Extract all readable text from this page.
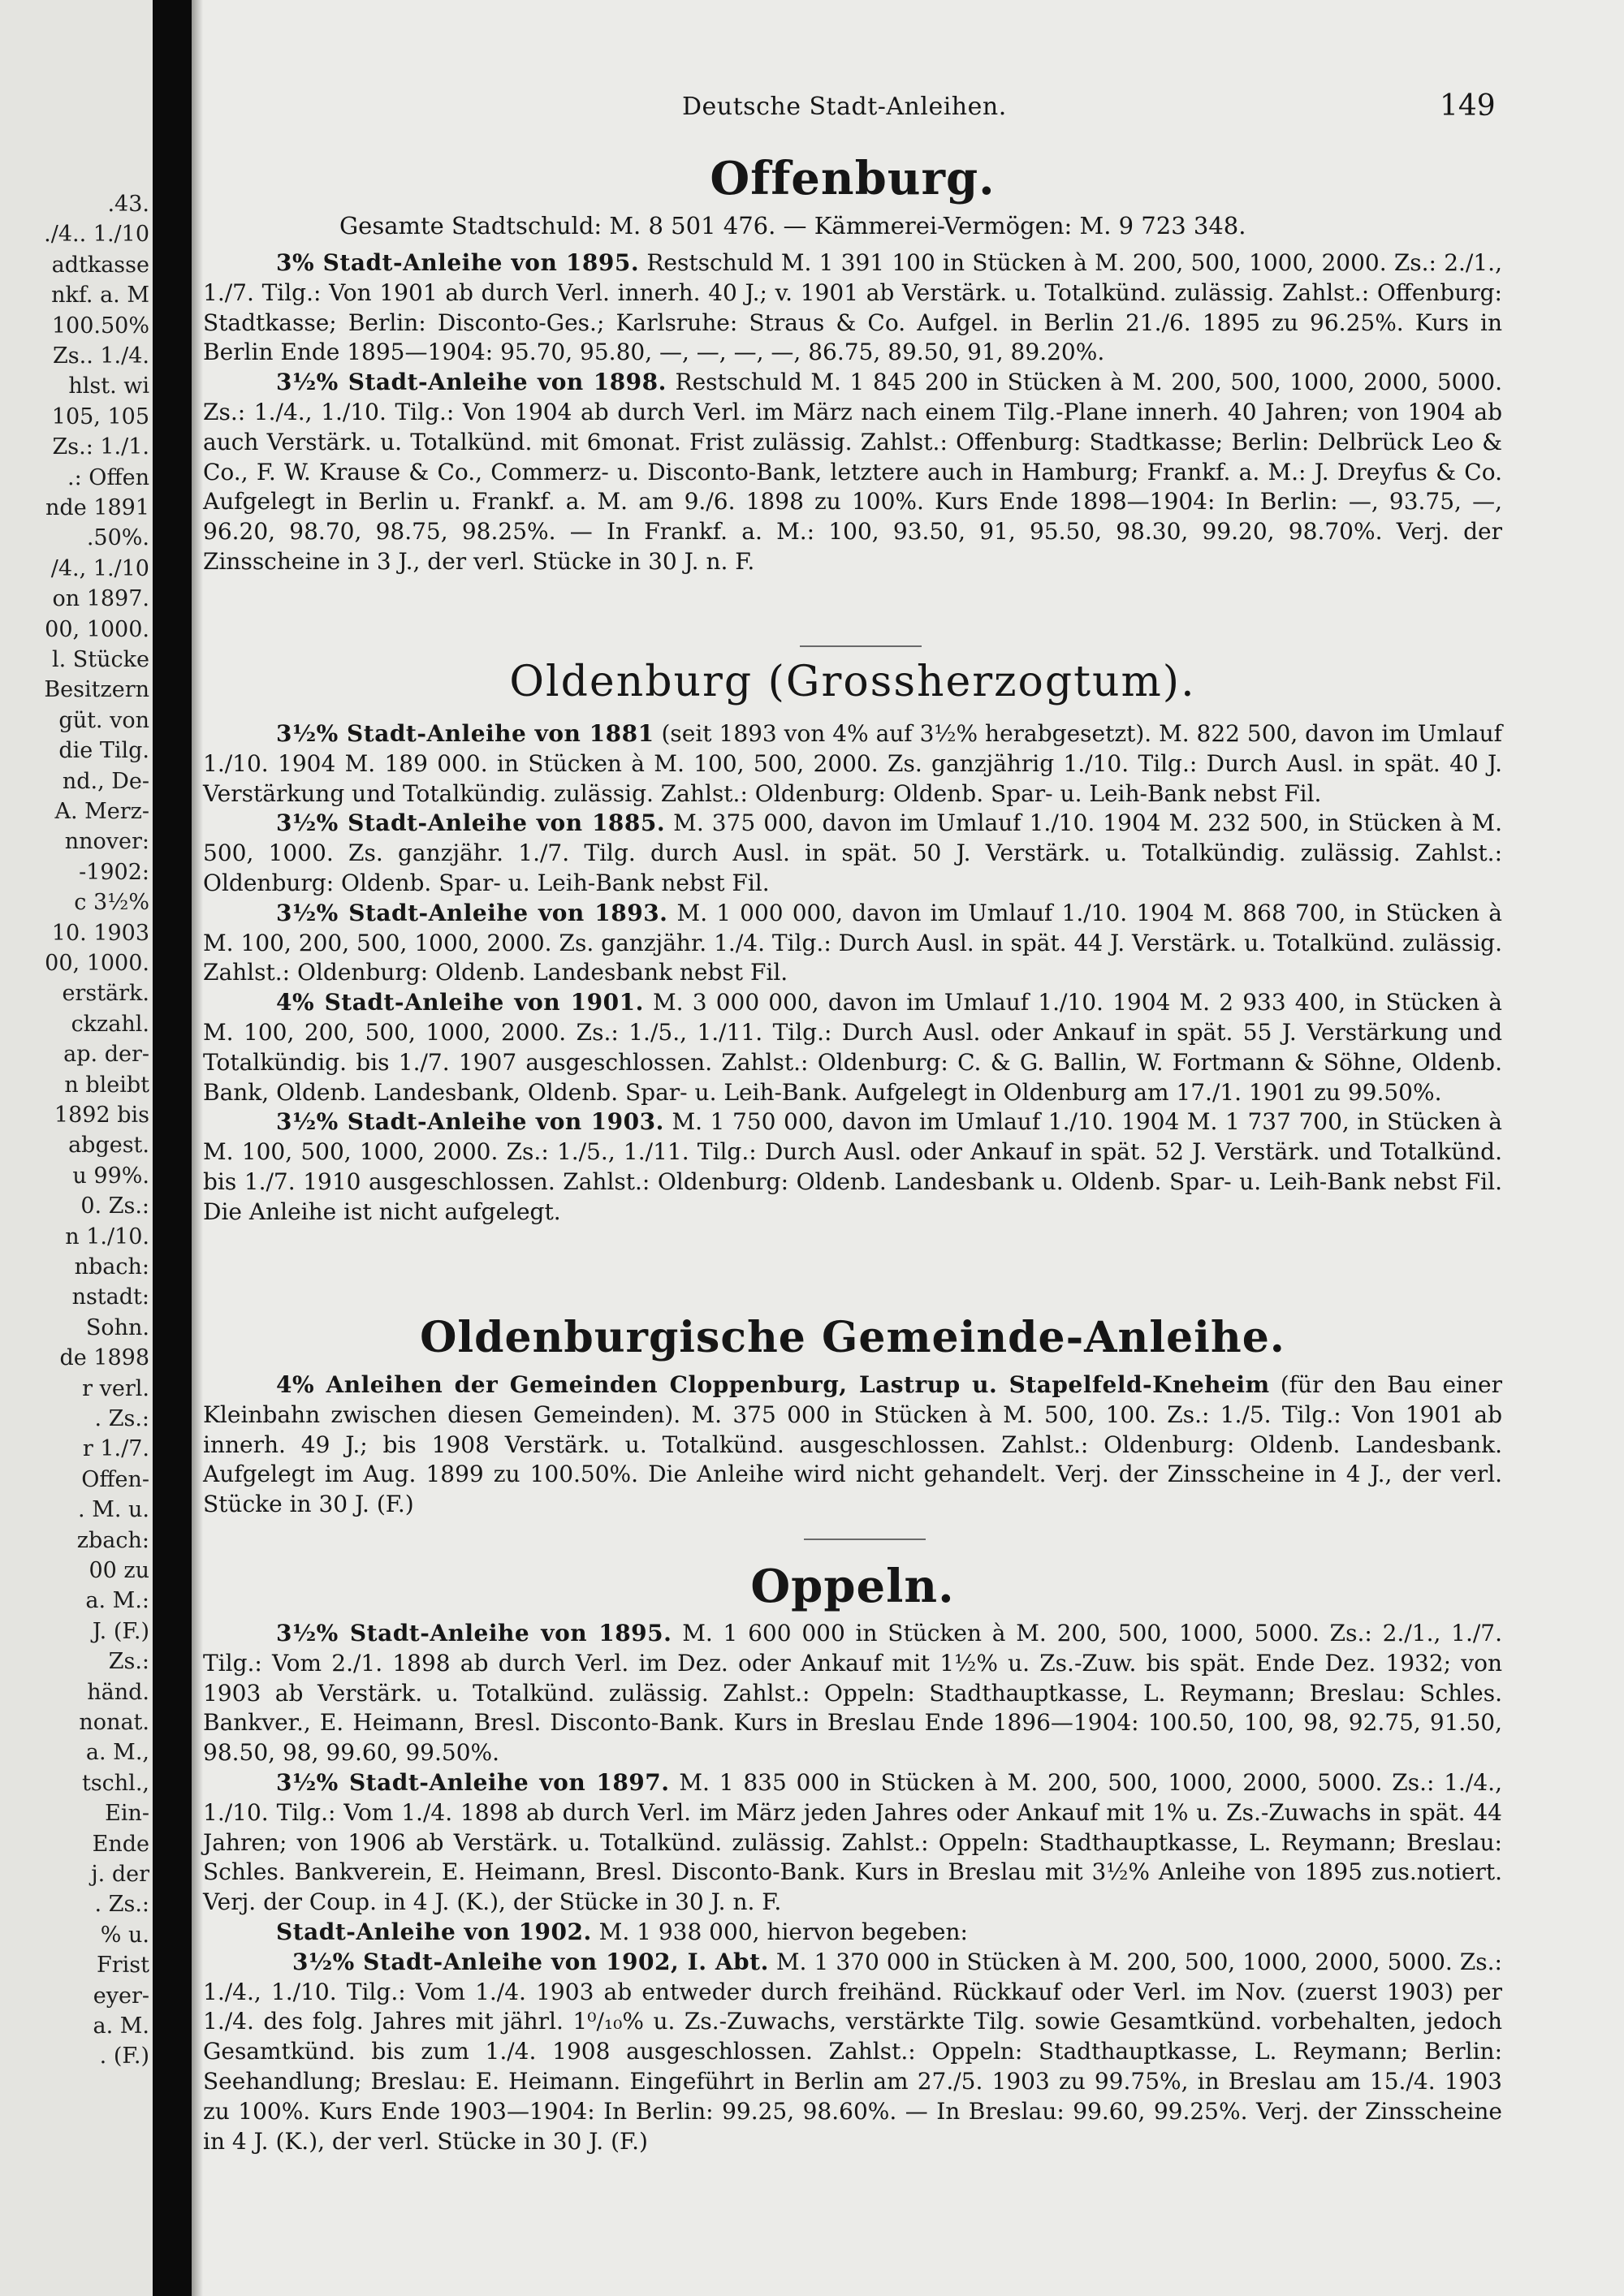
.43.

./4.. 1./10

adtkasse

nkf. a. M

100.50%

Zs.. 1./4.

hlst. wi

105, 105

Zs.: 1./1.

.: Offen

nde 1891

.50%.

/4., 1./10

on 1897.

00, 1000.

l. Stücke

Besitzern

güt. von

die Tilg.

nd., De-

A. Merz-

nnover:

-1902:

c 3½%

10. 1903

00, 1000.

erstärk.

ckzahl.

ap. der-

n bleibt

1892 bis

abgest.

u 99%.

0. Zs.:

n 1./10.

nbach:

nstadt:

Sohn.

de 1898

r verl.

. Zs.:

r 1./7.

Offen-

. M. u.

zbach:

00 zu

a. M.:

J. (F.)

Zs.:

händ.

nonat.

a. M.,

tschl.,

Ein-

Ende

j. der

. Zs.:

% u.

Frist

eyer-

a. M.

. (F.)

Deutsche Stadt-Anleihen.	149
Offenburg.

Gesamte Stadtschuld: M. 8 501 476. — Kämmerei-Vermögen: M. 9 723 348.

3% Stadt-Anleihe von 1895. Restschuld M. 1 391 100 in Stücken à M. 200, 500, 1000, 2000. Zs.: 2./1., 1./7. Tilg.: Von 1901 ab durch Verl. innerh. 40 J.; v. 1901 ab Verstärk. u. Totalkünd. zulässig. Zahlst.: Offenburg: Stadtkasse; Berlin: Disconto-Ges.; Karlsruhe: Straus & Co. Aufgel. in Berlin 21./6. 1895 zu 96.25%. Kurs in Berlin Ende 1895—1904: 95.70, 95.80, —, —, —, —, 86.75, 89.50, 91, 89.20%.

3½% Stadt-Anleihe von 1898. Restschuld M. 1 845 200 in Stücken à M. 200, 500, 1000, 2000, 5000. Zs.: 1./4., 1./10. Tilg.: Von 1904 ab durch Verl. im März nach einem Tilg.-Plane innerh. 40 Jahren; von 1904 ab auch Verstärk. u. Totalkünd. mit 6monat. Frist zulässig. Zahlst.: Offenburg: Stadtkasse; Berlin: Delbrück Leo & Co., F. W. Krause & Co., Commerz- u. Disconto-Bank, letztere auch in Hamburg; Frankf. a. M.: J. Dreyfus & Co. Aufgelegt in Berlin u. Frankf. a. M. am 9./6. 1898 zu 100%. Kurs Ende 1898—1904: In Berlin: —, 93.75, —, 96.20, 98.70, 98.75, 98.25%. — In Frankf. a. M.: 100, 93.50, 91, 95.50, 98.30, 99.20, 98.70%. Verj. der Zinsscheine in 3 J., der verl. Stücke in 30 J. n. F.

Oldenburg (Grossherzogtum).

3½% Stadt-Anleihe von 1881 (seit 1893 von 4% auf 3½% herabgesetzt). M. 822 500, davon im Umlauf 1./10. 1904 M. 189 000. in Stücken à M. 100, 500, 2000. Zs. ganzjährig 1./10. Tilg.: Durch Ausl. in spät. 40 J. Verstärkung und Totalkündig. zulässig. Zahlst.: Oldenburg: Oldenb. Spar- u. Leih-Bank nebst Fil.

3½% Stadt-Anleihe von 1885. M. 375 000, davon im Umlauf 1./10. 1904 M. 232 500, in Stücken à M. 500, 1000. Zs. ganzjähr. 1./7. Tilg. durch Ausl. in spät. 50 J. Verstärk. u. Totalkündig. zulässig. Zahlst.: Oldenburg: Oldenb. Spar- u. Leih-Bank nebst Fil.

3½% Stadt-Anleihe von 1893. M. 1 000 000, davon im Umlauf 1./10. 1904 M. 868 700, in Stücken à M. 100, 200, 500, 1000, 2000. Zs. ganzjähr. 1./4. Tilg.: Durch Ausl. in spät. 44 J. Verstärk. u. Totalkünd. zulässig. Zahlst.: Oldenburg: Oldenb. Landesbank nebst Fil.

4% Stadt-Anleihe von 1901. M. 3 000 000, davon im Umlauf 1./10. 1904 M. 2 933 400, in Stücken à M. 100, 200, 500, 1000, 2000. Zs.: 1./5., 1./11. Tilg.: Durch Ausl. oder Ankauf in spät. 55 J. Verstärkung und Totalkündig. bis 1./7. 1907 ausgeschlossen. Zahlst.: Oldenburg: C. & G. Ballin, W. Fortmann & Söhne, Oldenb. Bank, Oldenb. Landesbank, Oldenb. Spar- u. Leih-Bank. Aufgelegt in Oldenburg am 17./1. 1901 zu 99.50%.

3½% Stadt-Anleihe von 1903. M. 1 750 000, davon im Umlauf 1./10. 1904 M. 1 737 700, in Stücken à M. 100, 500, 1000, 2000. Zs.: 1./5., 1./11. Tilg.: Durch Ausl. oder Ankauf in spät. 52 J. Verstärk. und Totalkünd. bis 1./7. 1910 ausgeschlossen. Zahlst.: Oldenburg: Oldenb. Landesbank u. Oldenb. Spar- u. Leih-Bank nebst Fil. Die Anleihe ist nicht aufgelegt.

Oldenburgische Gemeinde-Anleihe.

4% Anleihen der Gemeinden Cloppenburg, Lastrup u. Stapelfeld-Kneheim (für den Bau einer Kleinbahn zwischen diesen Gemeinden). M. 375 000 in Stücken à M. 500, 100. Zs.: 1./5. Tilg.: Von 1901 ab innerh. 49 J.; bis 1908 Verstärk. u. Totalkünd. ausgeschlossen. Zahlst.: Oldenburg: Oldenb. Landesbank. Aufgelegt im Aug. 1899 zu 100.50%. Die Anleihe wird nicht gehandelt. Verj. der Zinsscheine in 4 J., der verl. Stücke in 30 J. (F.)

Oppeln.

3½% Stadt-Anleihe von 1895. M. 1 600 000 in Stücken à M. 200, 500, 1000, 5000. Zs.: 2./1., 1./7. Tilg.: Vom 2./1. 1898 ab durch Verl. im Dez. oder Ankauf mit 1½% u. Zs.-Zuw. bis spät. Ende Dez. 1932; von 1903 ab Verstärk. u. Totalkünd. zulässig. Zahlst.: Oppeln: Stadthauptkasse, L. Reymann; Breslau: Schles. Bankver., E. Heimann, Bresl. Disconto-Bank. Kurs in Breslau Ende 1896—1904: 100.50, 100, 98, 92.75, 91.50, 98.50, 98, 99.60, 99.50%.

3½% Stadt-Anleihe von 1897. M. 1 835 000 in Stücken à M. 200, 500, 1000, 2000, 5000. Zs.: 1./4., 1./10. Tilg.: Vom 1./4. 1898 ab durch Verl. im März jeden Jahres oder Ankauf mit 1% u. Zs.-Zuwachs in spät. 44 Jahren; von 1906 ab Verstärk. u. Totalkünd. zulässig. Zahlst.: Oppeln: Stadthauptkasse, L. Reymann; Breslau: Schles. Bankverein, E. Heimann, Bresl. Disconto-Bank. Kurs in Breslau mit 3½% Anleihe von 1895 zus.notiert. Verj. der Coup. in 4 J. (K.), der Stücke in 30 J. n. F.

Stadt-Anleihe von 1902. M. 1 938 000, hiervon begeben:

3½% Stadt-Anleihe von 1902, I. Abt. M. 1 370 000 in Stücken à M. 200, 500, 1000, 2000, 5000. Zs.: 1./4., 1./10. Tilg.: Vom 1./4. 1903 ab entweder durch freihänd. Rückkauf oder Verl. im Nov. (zuerst 1903) per 1./4. des folg. Jahres mit jährl. 1⁰/₁₀% u. Zs.-Zuwachs, verstärkte Tilg. sowie Gesamtkünd. vorbehalten, jedoch Gesamtkünd. bis zum 1./4. 1908 ausgeschlossen. Zahlst.: Oppeln: Stadthauptkasse, L. Reymann; Berlin: Seehandlung; Breslau: E. Heimann. Eingeführt in Berlin am 27./5. 1903 zu 99.75%, in Breslau am 15./4. 1903 zu 100%. Kurs Ende 1903—1904: In Berlin: 99.25, 98.60%. — In Breslau: 99.60, 99.25%. Verj. der Zinsscheine in 4 J. (K.), der verl. Stücke in 30 J. (F.)
